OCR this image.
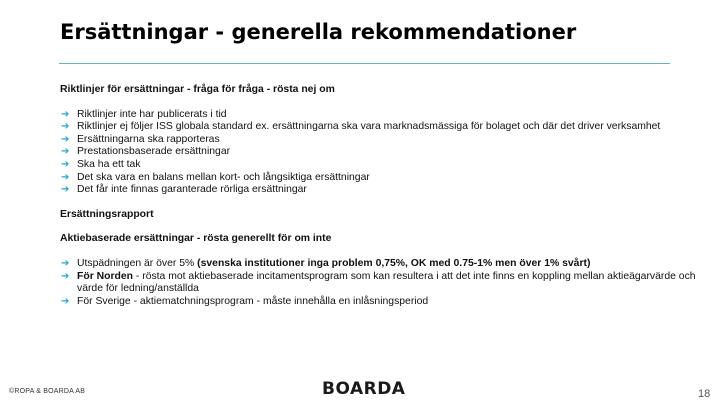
Ersättningar - generella rekommendationer

Riktlinjer för ersättningar - fråga för fråga - rösta nej om

➔ Riktlinjer inte har publicerats i tid
➔ Riktlinjer ej följer ISS globala standard ex. ersättningarna ska vara marknadsmässiga för bolaget och där det driver verksamhet
➔ Ersättningarna ska rapporteras
➔ Prestationsbaserade ersättningar
➔ Ska ha ett tak
➔ Det ska vara en balans mellan kort- och långsiktiga ersättningar
➔ Det får inte finnas garanterade rörliga ersättningar

Ersättningsrapport

Aktiebaserade ersättningar - rösta generellt för om inte

➔ Utspädningen är över 5% (svenska institutioner inga problem 0,75%, OK med 0.75-1% men över 1% svårt)
➔ För Norden - rösta mot aktiebaserade incitamentsprogram som kan resultera i att det inte finns en koppling mellan aktieägarvärde och värde för ledning/anställda
➔ För Sverige - aktiematchningsprogram - måste innehålla en inlåsningsperiod
©ROPA & BOARDA AB	BOARDA	18
